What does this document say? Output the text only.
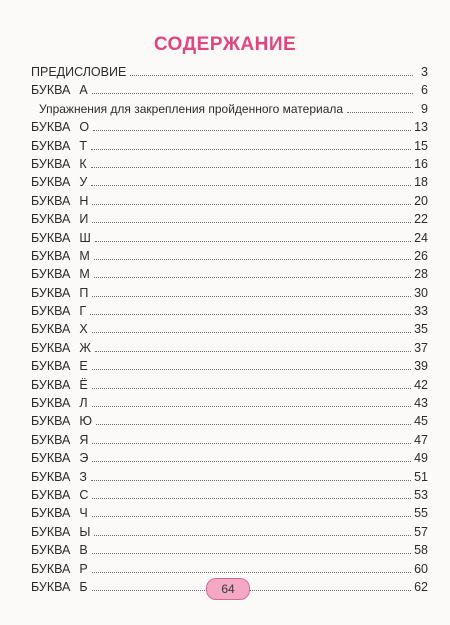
СОДЕРЖАНИЕ
ПРЕДИСЛОВИЕ	3
БУКВА А	6
Упражнения для закрепления пройденного материала	9
БУКВА О	13
БУКВА Т	15
БУКВА К	16
БУКВА У	18
БУКВА Н	20
БУКВА И	22
БУКВА Ш	24
БУКВА М	26
БУКВА М	28
БУКВА П	30
БУКВА Г	33
БУКВА Х	35
БУКВА Ж	37
БУКВА Е	39
БУКВА Ё	42
БУКВА Л	43
БУКВА Ю	45
БУКВА Я	47
БУКВА Э	49
БУКВА З	51
БУКВА С	53
БУКВА Ч	55
БУКВА Ы	57
БУКВА В	58
БУКВА Р	60
БУКВА Б	62
64
